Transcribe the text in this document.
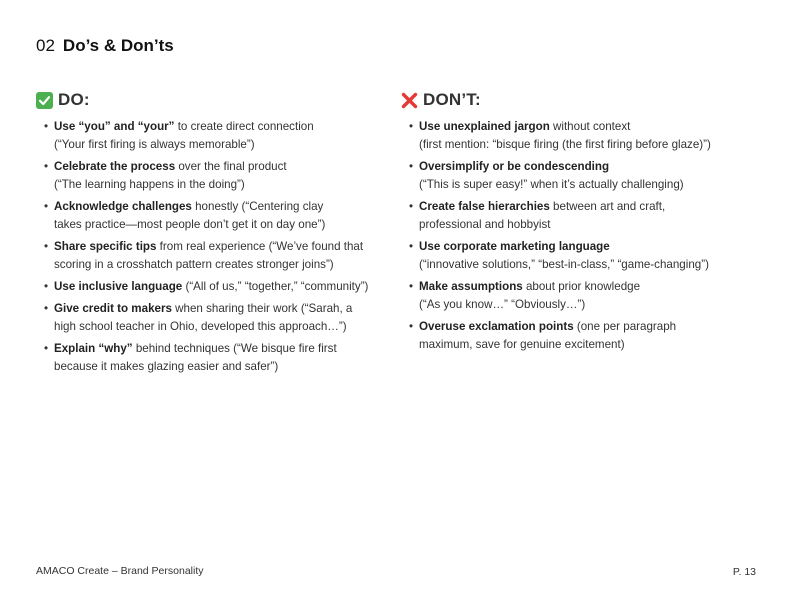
02 Do’s & Don’ts
DO:
• Use “you” and “your” to create direct connection
(“Your first firing is always memorable”)
• Celebrate the process over the final product
(“The learning happens in the doing”)
• Acknowledge challenges honestly (“Centering clay
takes practice—most people don’t get it on day one”)
• Share specific tips from real experience (“We’ve found that
scoring in a crosshatch pattern creates stronger joins”)
• Use inclusive language (“All of us,” “together,” “community”)
• Give credit to makers when sharing their work (“Sarah, a
high school teacher in Ohio, developed this approach…”)
• Explain “why” behind techniques (“We bisque fire first
because it makes glazing easier and safer”)
DON’T:
• Use unexplained jargon without context
(first mention: “bisque firing (the first firing before glaze)”)
• Oversimplify or be condescending
(“This is super easy!” when it’s actually challenging)
• Create false hierarchies between art and craft,
professional and hobbyist
• Use corporate marketing language
(“innovative solutions,” “best-in-class,” “game-changing”)
• Make assumptions about prior knowledge
(“As you know…” “Obviously…”)
• Overuse exclamation points (one per paragraph
maximum, save for genuine excitement)
AMACO Create – Brand Personality	P. 13
